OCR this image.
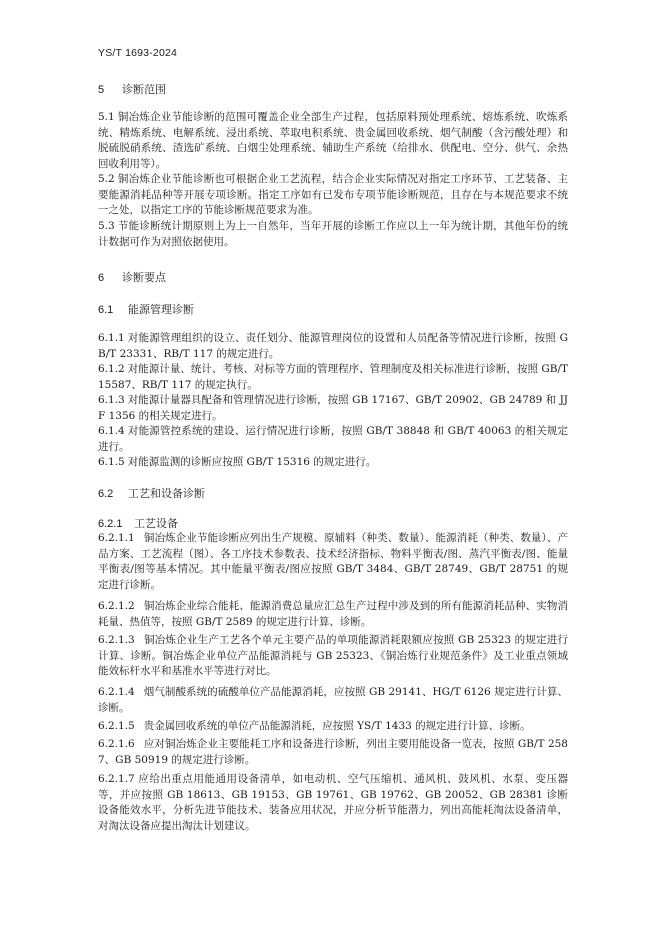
YS/T 1693-2024
5 诊断范围
5.1 铜冶炼企业节能诊断的范围可覆盖企业全部生产过程，包括原料预处理系统、熔炼系统、吹炼系统、精炼系统、电解系统、浸出系统、萃取电积系统、贵金属回收系统、烟气制酸（含污酸处理）和脱硫脱硝系统、渣选矿系统、白烟尘处理系统、辅助生产系统（给排水、供配电、空分、供气、余热回收利用等）。
5.2 铜冶炼企业节能诊断也可根据企业工艺流程，结合企业实际情况对指定工序环节、工艺装备、主要能源消耗品种等开展专项诊断。指定工序如有已发布专项节能诊断规范，且存在与本规范要求不统一之处，以指定工序的节能诊断规范要求为准。
5.3 节能诊断统计期原则上为上一自然年，当年开展的诊断工作应以上一年为统计期，其他年份的统计数据可作为对照依据使用。
6 诊断要点
6.1 能源管理诊断
6.1.1 对能源管理组织的设立、责任划分、能源管理岗位的设置和人员配备等情况进行诊断，按照 GB/T 23331、RB/T 117 的规定进行。
6.1.2 对能源计量、统计、考核、对标等方面的管理程序、管理制度及相关标准进行诊断，按照 GB/T 15587、RB/T 117 的规定执行。
6.1.3 对能源计量器具配备和管理情况进行诊断，按照 GB 17167、GB/T 20902、GB 24789 和 JJF 1356 的相关规定进行。
6.1.4 对能源管控系统的建设、运行情况进行诊断，按照 GB/T 38848 和 GB/T 40063 的相关规定进行。
6.1.5 对能源监测的诊断应按照 GB/T 15316 的规定进行。
6.2 工艺和设备诊断
6.2.1 工艺设备
6.2.1.1 铜冶炼企业节能诊断应列出生产规模、原辅料（种类、数量）、能源消耗（种类、数量）、产品方案、工艺流程（图）、各工序技术参数表、技术经济指标、物料平衡表/图、蒸汽平衡表/图、能量平衡表/图等基本情况。其中能量平衡表/图应按照 GB/T 3484、GB/T 28749、GB/T 28751 的规定进行诊断。
6.2.1.2 铜冶炼企业综合能耗、能源消费总量应汇总生产过程中涉及到的所有能源消耗品种、实物消耗量、热值等，按照 GB/T 2589 的规定进行计算、诊断。
6.2.1.3 铜冶炼企业生产工艺各个单元主要产品的单项能源消耗限额应按照 GB 25323 的规定进行计算、诊断。铜冶炼企业单位产品能源消耗与 GB 25323、《铜冶炼行业规范条件》及工业重点领域能效标杆水平和基准水平等进行对比。
6.2.1.4 烟气制酸系统的硫酸单位产品能源消耗，应按照 GB 29141、HG/T 6126 规定进行计算、诊断。
6.2.1.5 贵金属回收系统的单位产品能源消耗，应按照 YS/T 1433 的规定进行计算、诊断。
6.2.1.6 应对铜冶炼企业主要能耗工序和设备进行诊断，列出主要用能设备一览表，按照 GB/T 2587、GB 50919 的规定进行诊断。
6.2.1.7 应给出重点用能通用设备清单，如电动机、空气压缩机、通风机、鼓风机、水泵、变压器等，并应按照 GB 18613、GB 19153、GB 19761、GB 19762、GB 20052、GB 28381 诊断设备能效水平，分析先进节能技术、装备应用状况，并应分析节能潜力，列出高能耗淘汰设备清单，对淘汰设备应提出淘汰计划建议。
